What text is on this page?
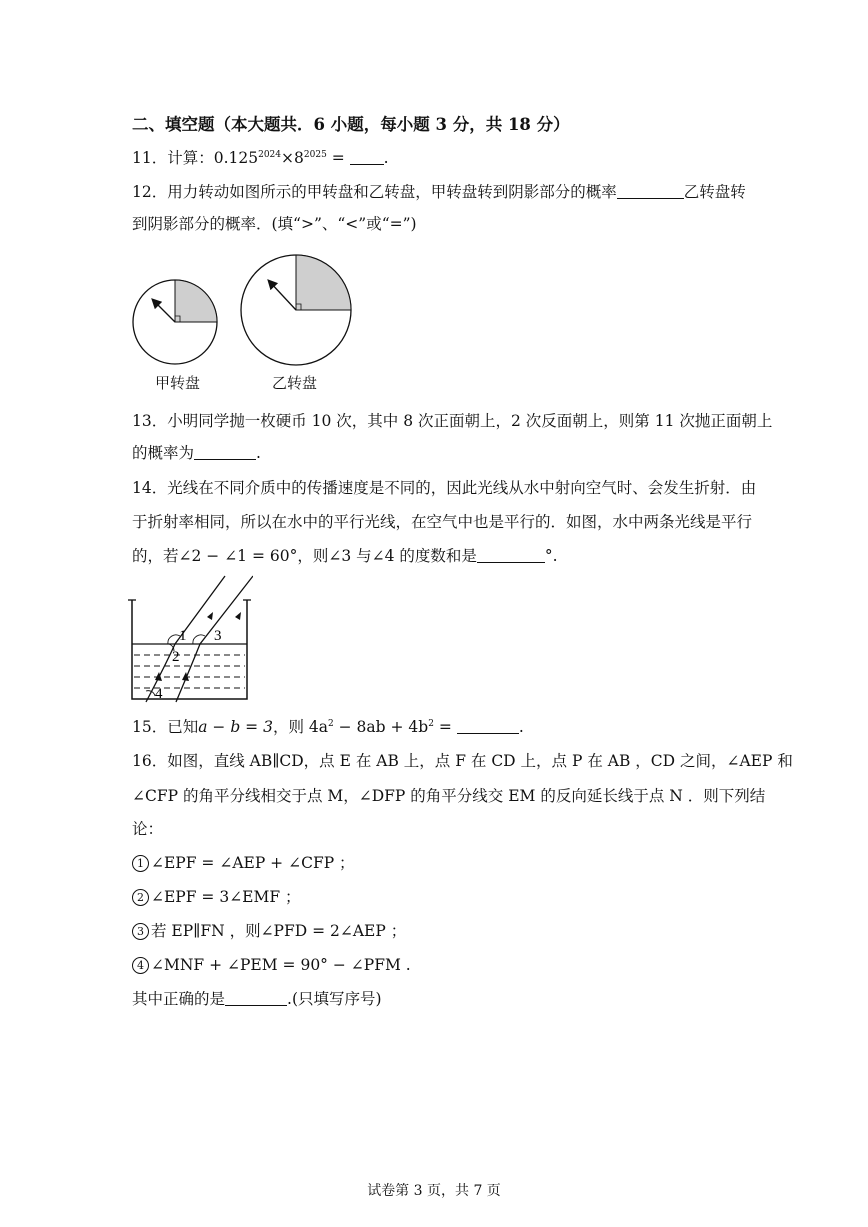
二、填空题（本大题共．6 小题，每小题 3 分，共 18 分）
11．计算：$0.125^{2024}\times 8^{2025}$ =	.
12．用力转动如图所示的甲转盘和乙转盘，甲转盘转到阴影部分的概率	乙转盘转
到阴影部分的概率．(填“>”、“<”或“=”)
甲转盘	乙转盘
13．小明同学抛一枚硬币 10 次，其中 8 次正面朝上，2 次反面朝上，则第 11 次抛正面朝上
的概率为	.
14．光线在不同介质中的传播速度是不同的，因此光线从水中射向空气时、会发生折射．由
于折射率相同，所以在水中的平行光线，在空气中也是平行的．如图，水中两条光线是平行
的，若∠2 − ∠1 = 60°，则∠3 与∠4 的度数和是	°.
1
2
3
4
15．已知a − b = 3，则 $4a^2 - 8ab + 4b^2$ =	.
16．如图，直线 AB∥CD，点 E 在 AB 上，点 F 在 CD 上，点 P 在 AB ，CD 之间，∠AEP 和
∠CFP 的角平分线相交于点 M，∠DFP 的角平分线交 EM 的反向延长线于点 N ．则下列结
论：
1 ∠EPF = ∠AEP + ∠CFP ；
2 ∠EPF = 3∠EMF ；
3 若 EP∥FN ，则∠PFD = 2∠AEP ；
4 ∠MNF + ∠PEM = 90° − ∠PFM .
其中正确的是	.(只填写序号)
试卷第 3 页，共 7 页
